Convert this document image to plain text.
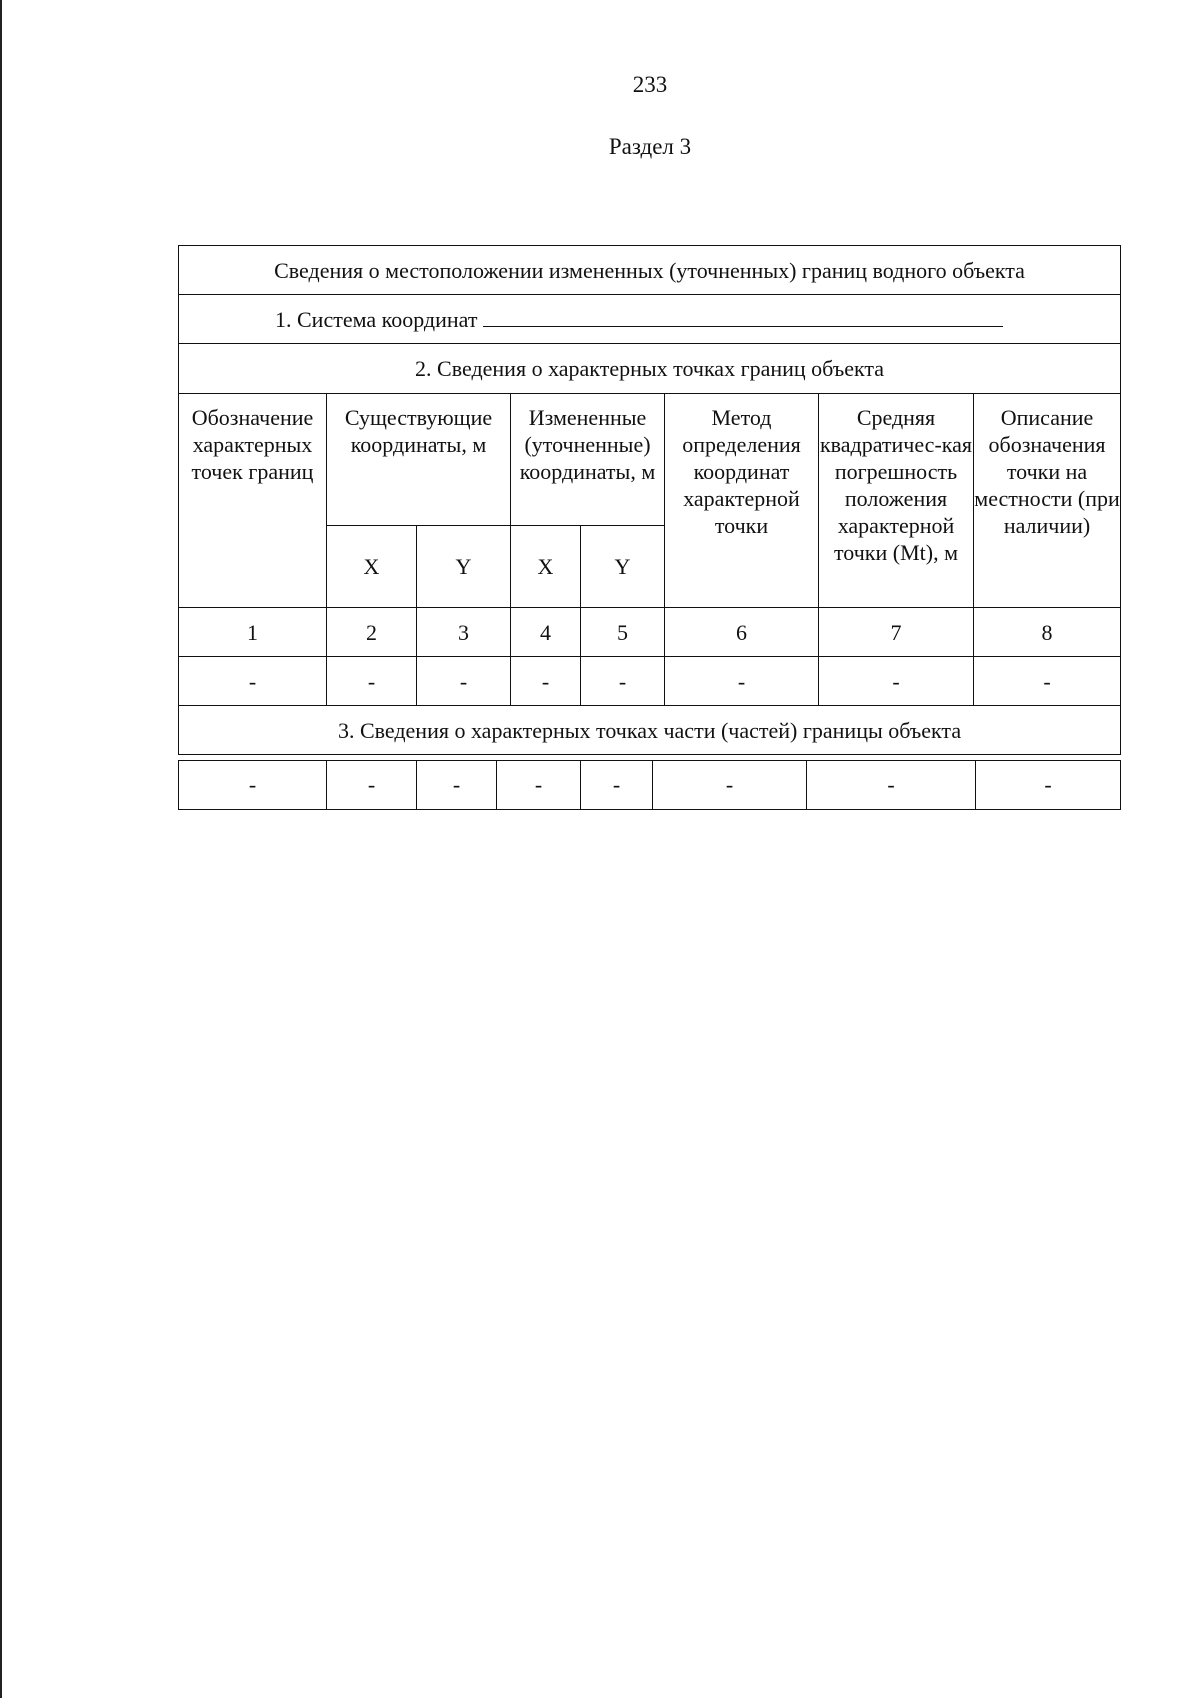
233
Раздел 3
Сведения о местоположении измененных (уточненных) границ водного объекта							
1. Система координат							
2. Сведения о характерных точках границ объекта							
Обозначение характерных точек границ	Существующие координаты, м		Измененные (уточненные) координаты, м		Метод определения координат характерной точки	Средняя квадратичес-кая погрешность положения характерной точки (Mt), м	Описание обозначения точки на местности (при наличии)
	X	Y	X	Y			
1	2	3	4	5	6	7	8
-	-	-	-	-	-	-	-
3. Сведения о характерных точках части (частей) границы объекта							
-	-	-	-	-	-	-	-
